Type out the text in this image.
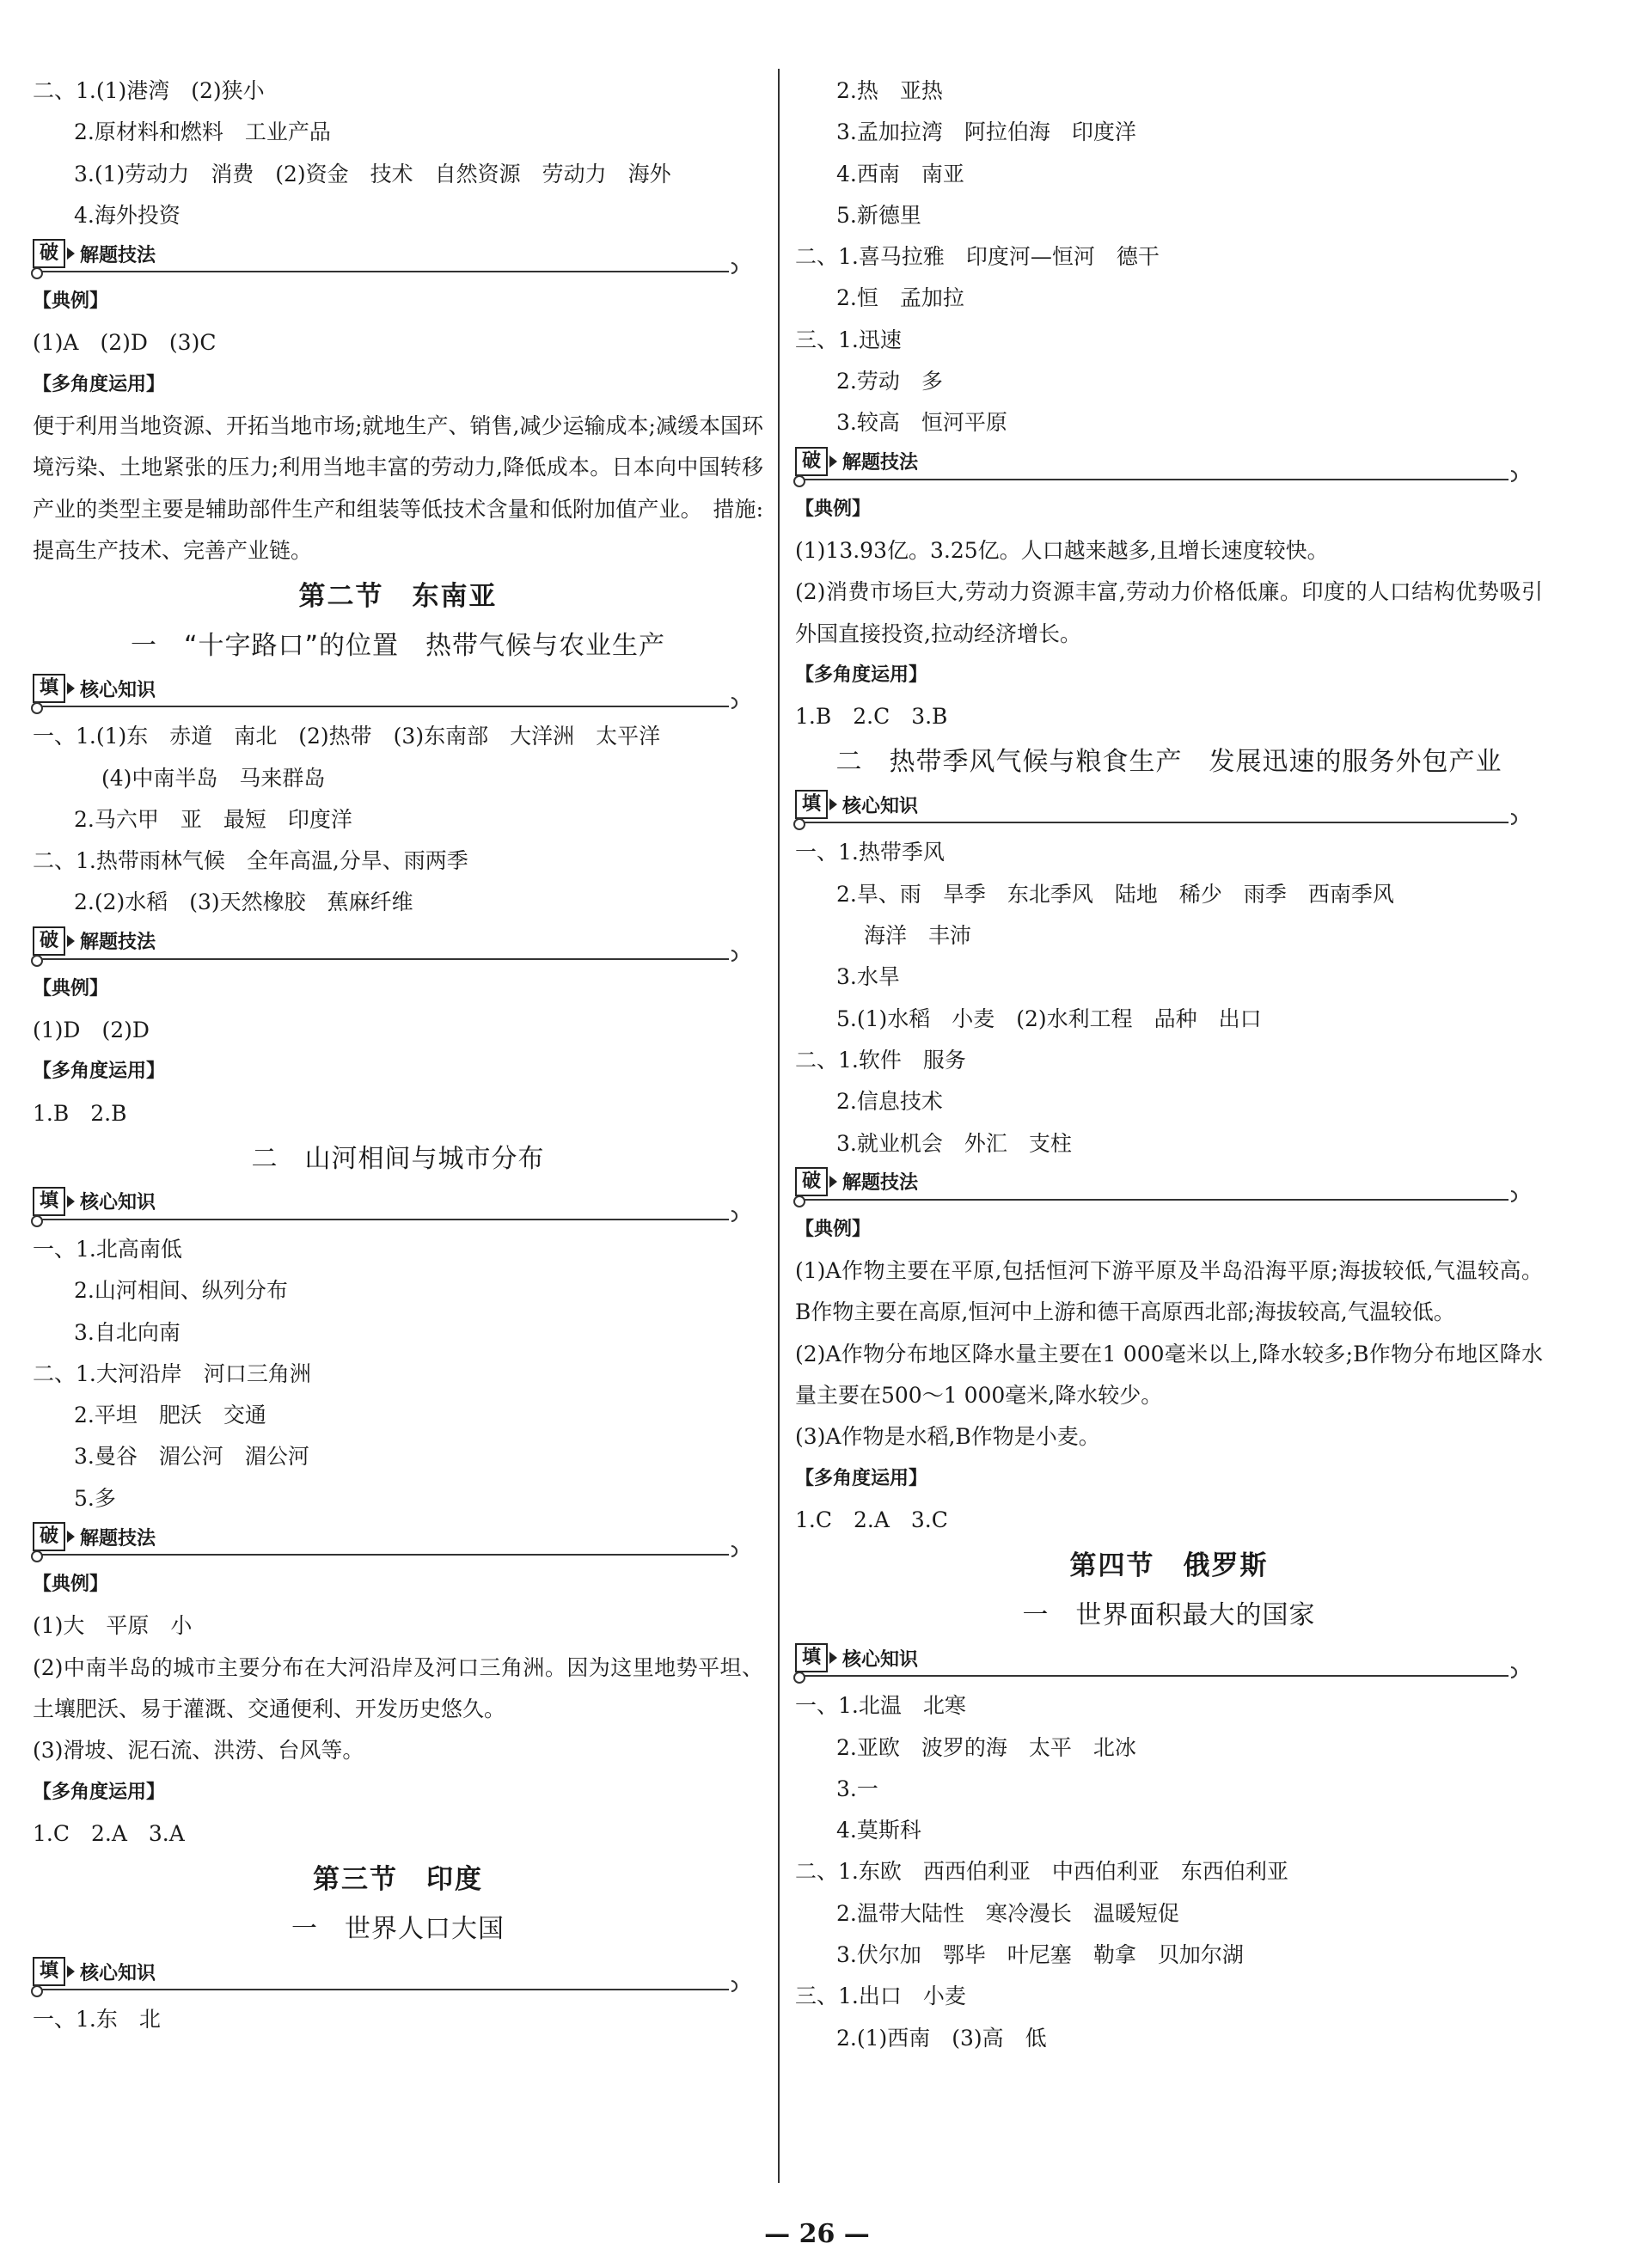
二、1.(1)港湾　(2)狭小
2.原材料和燃料　工业产品
3.(1)劳动力　消费　(2)资金　技术　自然资源　劳动力　海外
4.海外投资
破	解题技法
【典例】
(1)A　(2)D　(3)C
【多角度运用】
便于利用当地资源、开拓当地市场;就地生产、销售,减少运输成本;减缓本国环境污染、土地紧张的压力;利用当地丰富的劳动力,降低成本。日本向中国转移产业的类型主要是辅助部件生产和组装等低技术含量和低附加值产业。　措施:提高生产技术、完善产业链。
第二节　东南亚
一　“十字路口”的位置　热带气候与农业生产
填	核心知识
一、1.(1)东　赤道　南北　(2)热带　(3)东南部　大洋洲　太平洋
(4)中南半岛　马来群岛
2.马六甲　亚　最短　印度洋
二、1.热带雨林气候　全年高温,分旱、雨两季
2.(2)水稻　(3)天然橡胶　蕉麻纤维
破	解题技法
【典例】
(1)D　(2)D
【多角度运用】
1.B　2.B
二　山河相间与城市分布
填	核心知识
一、1.北高南低
2.山河相间、纵列分布
3.自北向南
二、1.大河沿岸　河口三角洲
2.平坦　肥沃　交通
3.曼谷　湄公河　湄公河
5.多
破	解题技法
【典例】
(1)大　平原　小
(2)中南半岛的城市主要分布在大河沿岸及河口三角洲。因为这里地势平坦、土壤肥沃、易于灌溉、交通便利、开发历史悠久。
(3)滑坡、泥石流、洪涝、台风等。
【多角度运用】
1.C　2.A　3.A
第三节　印度
一　世界人口大国
填	核心知识
一、1.东　北
2.热　亚热
3.孟加拉湾　阿拉伯海　印度洋
4.西南　南亚
5.新德里
二、1.喜马拉雅　印度河—恒河　德干
2.恒　孟加拉
三、1.迅速
2.劳动　多
3.较高　恒河平原
破	解题技法
【典例】
(1)13.93亿。3.25亿。人口越来越多,且增长速度较快。
(2)消费市场巨大,劳动力资源丰富,劳动力价格低廉。印度的人口结构优势吸引外国直接投资,拉动经济增长。
【多角度运用】
1.B　2.C　3.B
二　热带季风气候与粮食生产　发展迅速的服务外包产业
填	核心知识
一、1.热带季风
2.旱、雨　旱季　东北季风　陆地　稀少　雨季　西南季风
海洋　丰沛
3.水旱
5.(1)水稻　小麦　(2)水利工程　品种　出口
二、1.软件　服务
2.信息技术
3.就业机会　外汇　支柱
破	解题技法
【典例】
(1)A作物主要在平原,包括恒河下游平原及半岛沿海平原;海拔较低,气温较高。B作物主要在高原,恒河中上游和德干高原西北部;海拔较高,气温较低。
(2)A作物分布地区降水量主要在1 000毫米以上,降水较多;B作物分布地区降水量主要在500～1 000毫米,降水较少。
(3)A作物是水稻,B作物是小麦。
【多角度运用】
1.C　2.A　3.C
第四节　俄罗斯
一　世界面积最大的国家
填	核心知识
一、1.北温　北寒
2.亚欧　波罗的海　太平　北冰
3.一
4.莫斯科
二、1.东欧　西西伯利亚　中西伯利亚　东西伯利亚
2.温带大陆性　寒冷漫长　温暖短促
3.伏尔加　鄂毕　叶尼塞　勒拿　贝加尔湖
三、1.出口　小麦
2.(1)西南　(3)高　低
— 26 —
